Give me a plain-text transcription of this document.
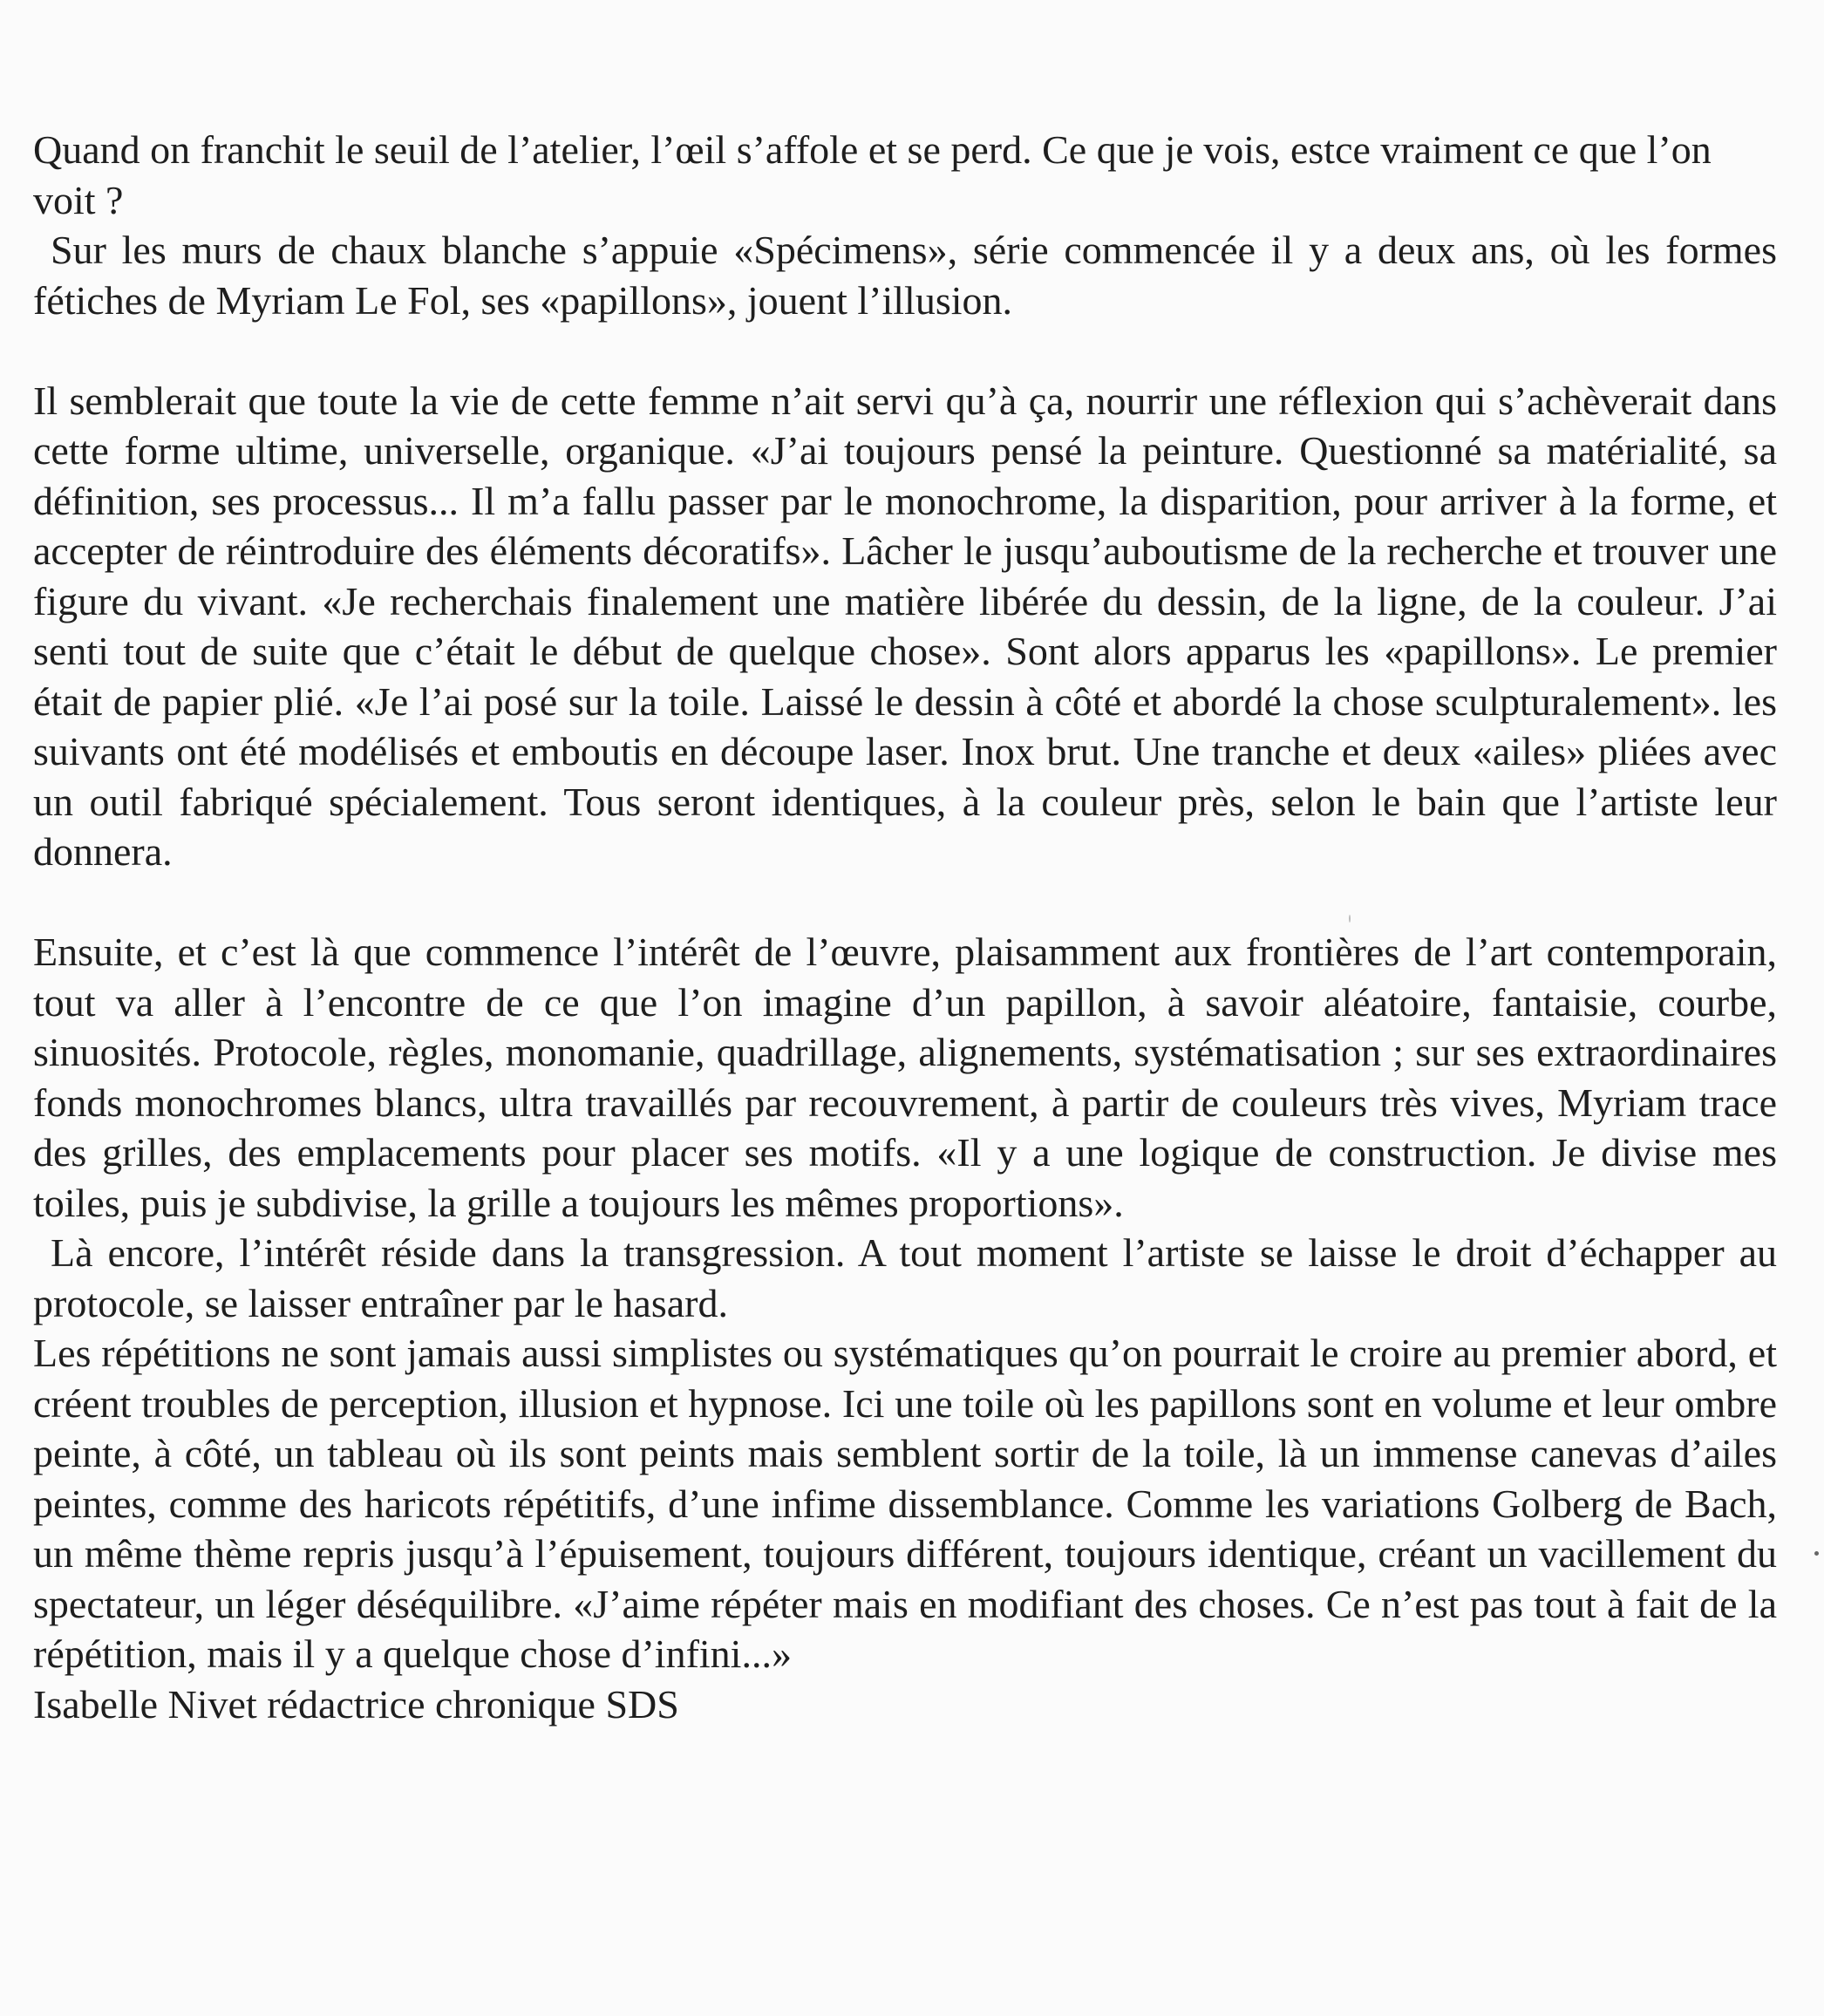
Quand on franchit le seuil de l’atelier, l’œil s’affole et se perd. Ce que je vois, estce vraiment ce que l’on voit ?

Sur les murs de chaux blanche s’appuie «Spécimens», série commencée il y a deux ans, où les formes fétiches de Myriam Le Fol, ses «papillons», jouent l’illusion.

Il semblerait que toute la vie de cette femme n’ait servi qu’à ça, nourrir une réflexion qui s’achèverait dans cette forme ultime, universelle, organique. «J’ai toujours pensé la peinture. Questionné sa matérialité, sa définition, ses processus... Il m’a fallu passer par le monochrome, la disparition, pour arriver à la forme, et accepter de réintroduire des éléments décoratifs». Lâcher le jusqu’auboutisme de la recherche et trouver une figure du vivant. «Je recherchais finalement une matière libérée du dessin, de la ligne, de la couleur. J’ai senti tout de suite que c’était le début de quelque chose». Sont alors apparus les «papillons». Le premier était de papier plié. «Je l’ai posé sur la toile. Laissé le dessin à côté et abordé la chose sculpturalement». les suivants ont été modélisés et emboutis en découpe laser. Inox brut. Une tranche et deux «ailes» pliées avec un outil fabriqué spécialement. Tous seront identiques, à la couleur près, selon le bain que l’artiste leur donnera.

Ensuite, et c’est là que commence l’intérêt de l’œuvre, plaisamment aux frontières de l’art contemporain, tout va aller à l’encontre de ce que l’on imagine d’un papillon, à savoir aléatoire, fantaisie, courbe, sinuosités. Protocole, règles, monomanie, quadrillage, alignements, systématisation ; sur ses extraordinaires fonds monochromes blancs, ultra travaillés par recouvrement, à partir de couleurs très vives, Myriam trace des grilles, des emplacements pour placer ses motifs. «Il y a une logique de construction. Je divise mes toiles, puis je subdivise, la grille a toujours les mêmes proportions».

Là encore, l’intérêt réside dans la transgression. A tout moment l’artiste se laisse le droit d’échapper au protocole, se laisser entraîner par le hasard.

Les répétitions ne sont jamais aussi simplistes ou systématiques qu’on pourrait le croire au premier abord, et créent troubles de perception, illusion et hypnose. Ici une toile où les papillons sont en volume et leur ombre peinte, à côté, un tableau où ils sont peints mais semblent sortir de la toile, là un immense canevas d’ailes peintes, comme des haricots répétitifs, d’une infime dissemblance. Comme les variations Golberg de Bach, un même thème repris jusqu’à l’épuisement, toujours différent, toujours identique, créant un vacillement du spectateur, un léger déséquilibre. «J’aime répéter mais en modifiant des choses. Ce n’est pas tout à fait de la répétition, mais il y a quelque chose d’infini...»

Isabelle Nivet rédactrice chronique SDS
